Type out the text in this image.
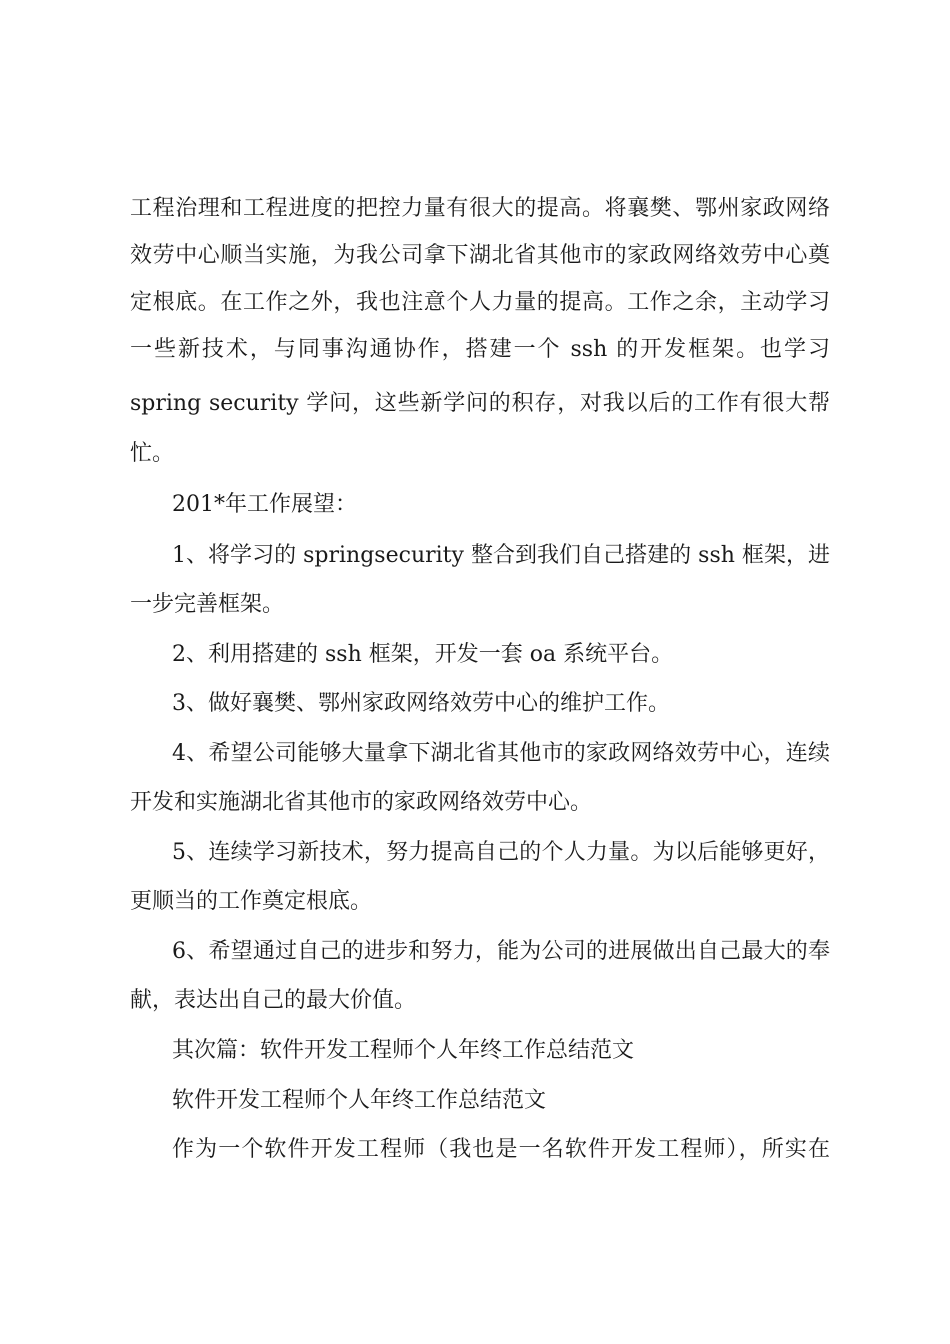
工程治理和工程进度的把控力量有很大的提高。将襄樊、鄂州家政网络
效劳中心顺当实施，为我公司拿下湖北省其他市的家政网络效劳中心奠
定根底。在工作之外，我也注意个人力量的提高。工作之余，主动学习
一些新技术，与同事沟通协作，搭建一个 ssh 的开发框架。也学习
spring security 学问，这些新学问的积存，对我以后的工作有很大帮
忙。
201*年工作展望：
1、将学习的 springsecurity 整合到我们自己搭建的 ssh 框架，进
一步完善框架。
2、利用搭建的 ssh 框架，开发一套 oa 系统平台。
3、做好襄樊、鄂州家政网络效劳中心的维护工作。
4、希望公司能够大量拿下湖北省其他市的家政网络效劳中心，连续
开发和实施湖北省其他市的家政网络效劳中心。
5、连续学习新技术，努力提高自己的个人力量。为以后能够更好，
更顺当的工作奠定根底。
6、希望通过自己的进步和努力，能为公司的进展做出自己最大的奉
献，表达出自己的最大价值。
其次篇：软件开发工程师个人年终工作总结范文
软件开发工程师个人年终工作总结范文
作为一个软件开发工程师（我也是一名软件开发工程师），所实在
